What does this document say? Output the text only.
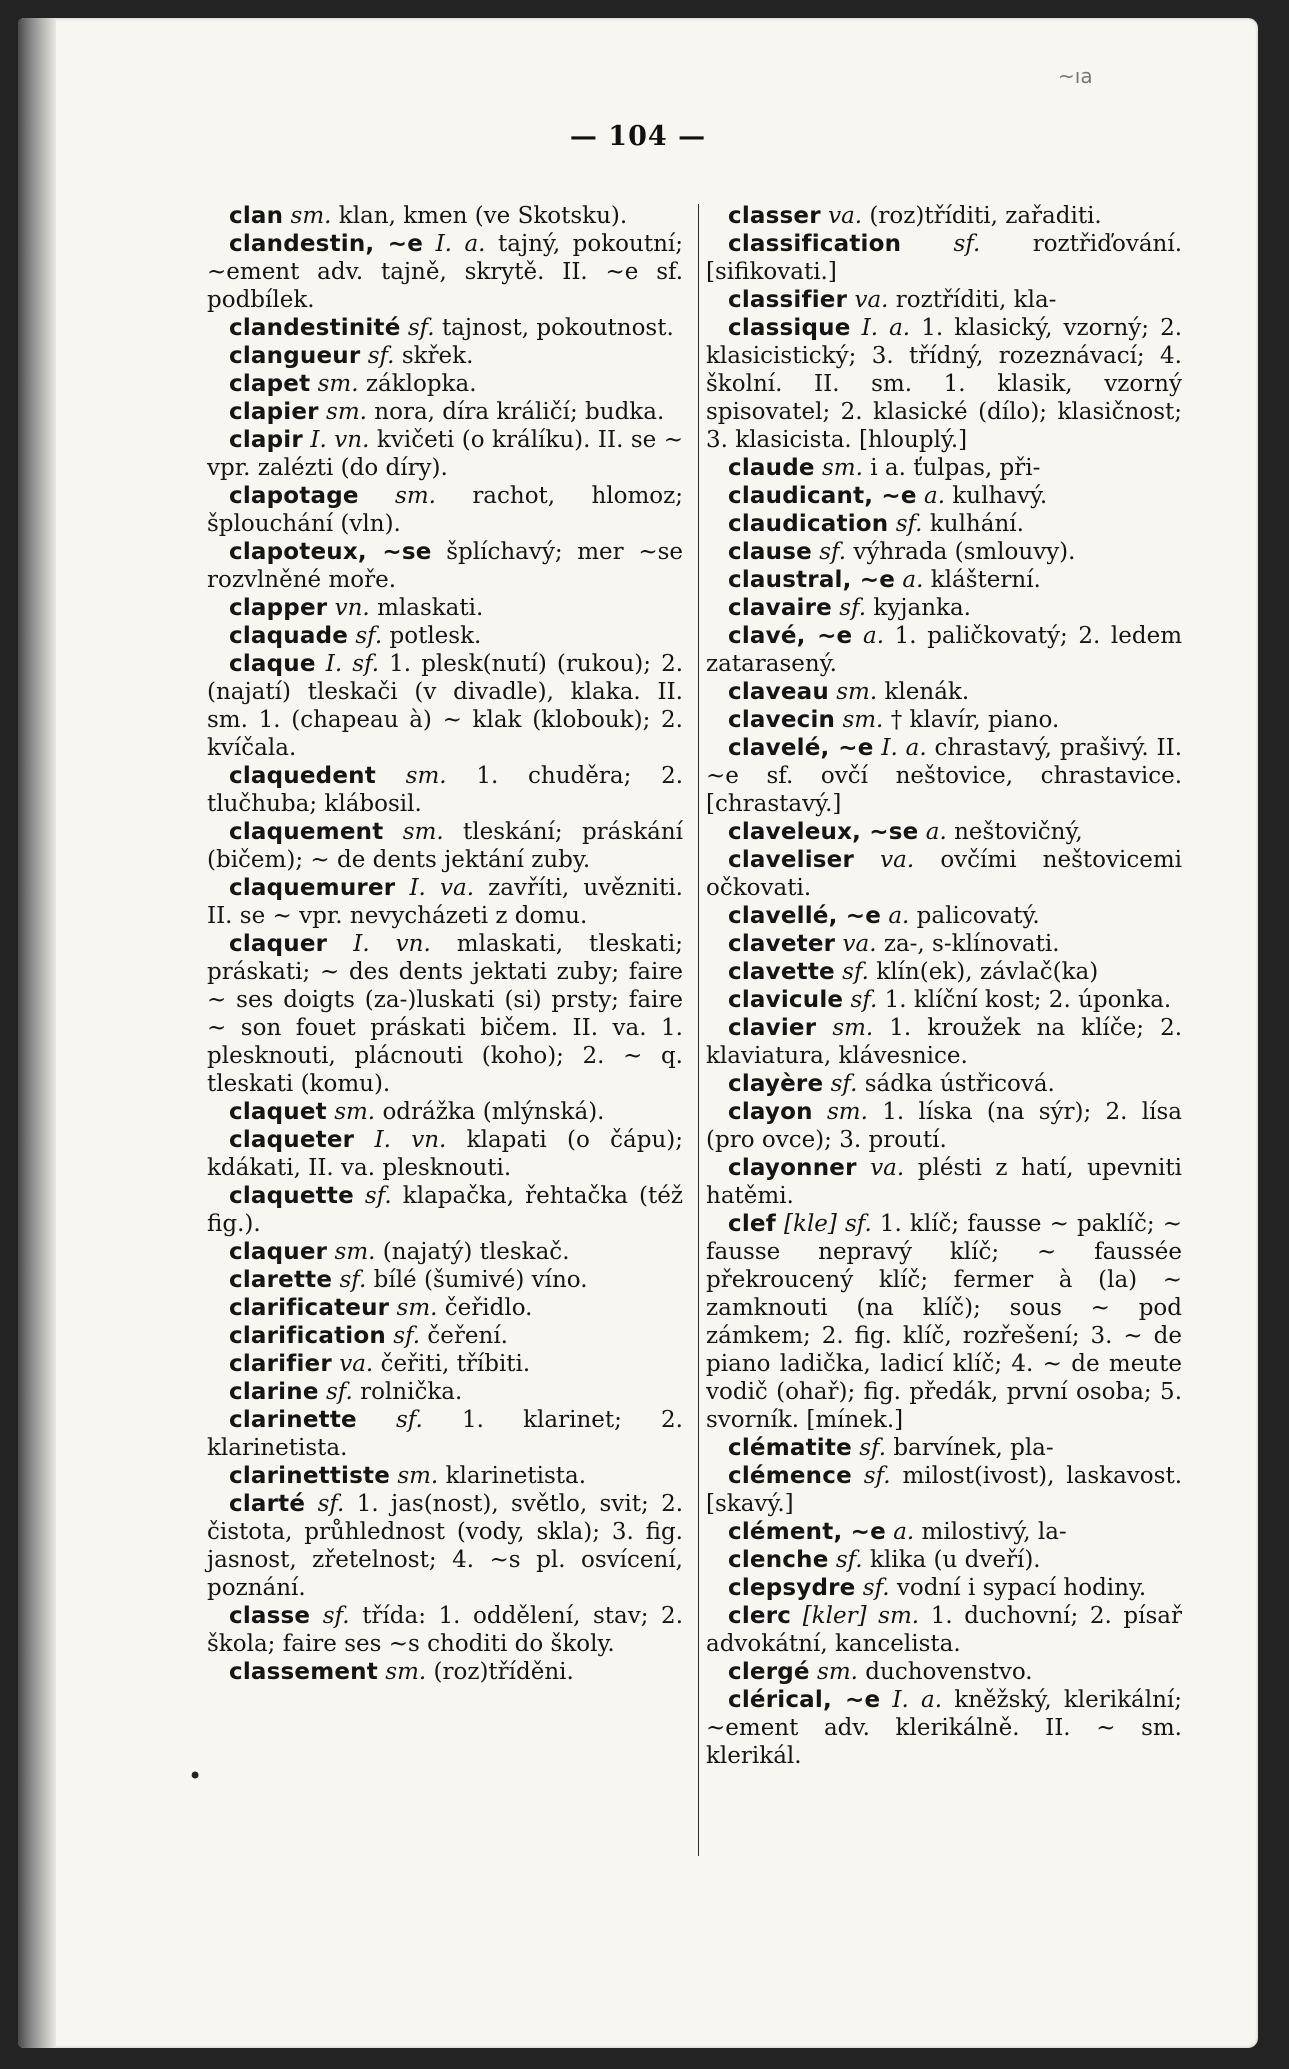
~ıa
— 104 —
•
clan sm. klan, kmen (ve Skotsku).
clandestin, ~e I. a. tajný, pokoutní; ~ement adv. tajně, skrytě. II. ~e sf. podbílek.
clandestinité sf. tajnost, pokoutnost.
clangueur sf. skřek.
clapet sm. záklopka.
clapier sm. nora, díra králičí; budka.
clapir I. vn. kvičeti (o králíku). II. se ~ vpr. zalézti (do díry).
clapotage sm. rachot, hlomoz; šplouchání (vln).
clapoteux, ~se šplíchavý; mer ~se rozvlněné moře.
clapper vn. mlaskati.
claquade sf. potlesk.
claque I. sf. 1. plesk(nutí) (rukou); 2. (najatí) tleskači (v divadle), klaka. II. sm. 1. (chapeau à) ~ klak (klobouk); 2. kvíčala.
claquedent sm. 1. chuděra; 2. tlučhuba; klábosil.
claquement sm. tleskání; práskání (bičem); ~ de dents jektání zuby.
claquemurer I. va. zavříti, uvězniti. II. se ~ vpr. nevycházeti z domu.
claquer I. vn. mlaskati, tleskati; práskati; ~ des dents jektati zuby; faire ~ ses doigts (za-)luskati (si) prsty; faire ~ son fouet práskati bičem. II. va. 1. plesknouti, plácnouti (koho); 2. ~ q. tleskati (komu).
claquet sm. odrážka (mlýnská).
claqueter I. vn. klapati (o čápu); kdákati, II. va. plesknouti.
claquette sf. klapačka, řehtačka (též fig.).
claquer sm. (najatý) tleskač.
clarette sf. bílé (šumivé) víno.
clarificateur sm. čeřidlo.
clarification sf. čeření.
clarifier va. čeřiti, tříbiti.
clarine sf. rolnička.
clarinette sf. 1. klarinet; 2. klarinetista.
clarinettiste sm. klarinetista.
clarté sf. 1. jas(nost), světlo, svit; 2. čistota, průhlednost (vody, skla); 3. fig. jasnost, zřetelnost; 4. ~s pl. osvícení, poznání.
classe sf. třída: 1. oddělení, stav; 2. škola; faire ses ~s choditi do školy.
classement sm. (roz)tříděni.
classer va. (roz)tříditi, zařaditi.
classification sf. roztřiďování. [sifikovati.]
classifier va. roztříditi, kla-
classique I. a. 1. klasický, vzorný; 2. klasicistický; 3. třídný, rozeznávací; 4. školní. II. sm. 1. klasik, vzorný spisovatel; 2. klasické (dílo); klasičnost; 3. klasicista. [hlouplý.]
claude sm. i a. ťulpas, při-
claudicant, ~e a. kulhavý.
claudication sf. kulhání.
clause sf. výhrada (smlouvy).
claustral, ~e a. klášterní.
clavaire sf. kyjanka.
clavé, ~e a. 1. paličkovatý; 2. ledem zatarasený.
claveau sm. klenák.
clavecin sm. † klavír, piano.
clavelé, ~e I. a. chrastavý, prašivý. II. ~e sf. ovčí neštovice, chrastavice. [chrastavý.]
claveleux, ~se a. neštovičný,
claveliser va. ovčími neštovicemi očkovati.
clavellé, ~e a. palicovatý.
claveter va. za-, s-klínovati.
clavette sf. klín(ek), závlač(ka)
clavicule sf. 1. klíční kost; 2. úponka.
clavier sm. 1. kroužek na klíče; 2. klaviatura, klávesnice.
clayère sf. sádka ústřicová.
clayon sm. 1. líska (na sýr); 2. lísa (pro ovce); 3. proutí.
clayonner va. plésti z hatí, upevniti hatěmi.
clef [kle] sf. 1. klíč; fausse ~ paklíč; ~ fausse nepravý klíč; ~ faussée překroucený klíč; fermer à (la) ~ zamknouti (na klíč); sous ~ pod zámkem; 2. fig. klíč, rozřešení; 3. ~ de piano ladička, ladicí klíč; 4. ~ de meute vodič (ohař); fig. předák, první osoba; 5. svorník. [mínek.]
clématite sf. barvínek, pla-
clémence sf. milost(ivost), laskavost. [skavý.]
clément, ~e a. milostivý, la-
clenche sf. klika (u dveří).
clepsydre sf. vodní i sypací hodiny.
clerc [kler] sm. 1. duchovní; 2. písař advokátní, kancelista.
clergé sm. duchovenstvo.
clérical, ~e I. a. kněžský, klerikální; ~ement adv. klerikálně. II. ~ sm. klerikál.
